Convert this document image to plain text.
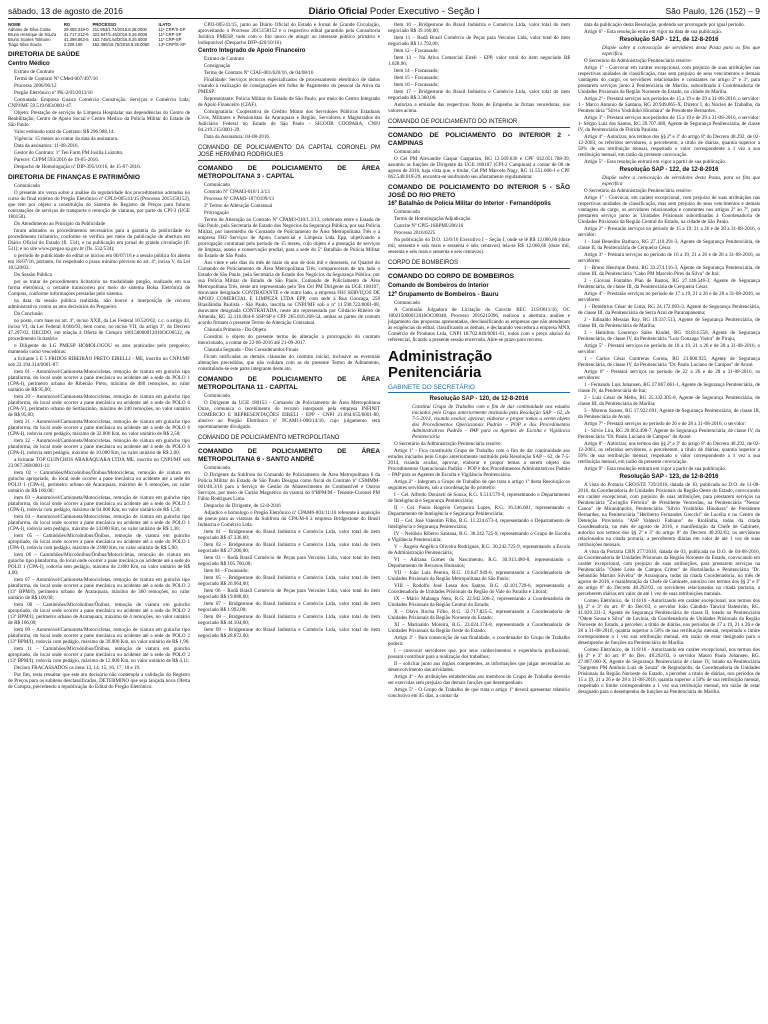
sábado, 13 de agosto de 2016	Diário Oficial Poder Executivo - Seção I	São Paulo, 126 (152) – 9
NOME	RG	PROCESSO	ILATO
Adriano de Silva Costa	29.459.318-0	211.953/1.74/2016.8.26.0000	11º CRP/S-SP
Bruno Henrique de Souza	41.717.212-6	322.947/1.45/2016.8.26.0005	11º CRP-SP
Bruno Soares Tolmann	41.398.862-5	152.749/1.64/2016.8.26.0000	11º CRP-SP
Tiago Silva Souza	2.209.150	152.496/16.75/2016.8.26.0050	13º CRP/S-SP
DIRETORIA DE SAÚDE
Centro Médico

Extrato de Contrato

Termo de Contrato Nº CMed-007/497/16

Processo 2006/96/12

Pregão Eletrônico nº PK-2/03/2013/16

Contratada: Empresa Guaira Comércio Construção, Serviços e Comércio Ltda; CNPJ/MF 59.519.603/0001-47.

Objeto: Prestação de serviços de Limpeza Hospitalar nas dependências do Centro de Reabilitação, Centro de Apoio Social e Centro Médico da Polícia Militar do Estado de São Paulo.

Valor estimado total do Contrato: R$ 296.988,14.

Vigência: 15 meses ao contar da data da assinatura.

Data da assinatura: 11-08-2016.

Gestor do Contrato: 1º Ten Farm PM Josilia Luizotto.

Parecer: CJ/PM 593/2016 de 19-05-2016.

Despacho de Homologação nº DIP-395/10/16, de 15-07-2016.

DIRETORIA DE FINANÇAS E PATRIMÔNIO

Comunicado

O presente ato versa sobre a análise da regularidade dos procedimentos adotados no curso do final externo do Pregão Eletrônico nº CPL0-005/41/15 (Processo 2015158152), que tem por objeto a constituição do Sistema de Registro de Preços para futuras contratações de serviços de transporte e remoção de viaturas, por parte do CPI-3 (UGE 180158).

Do Atendimento ao Princípio da Publicidade

foram adotados os procedimentos necessários para a garantia da publicidade do procedimento licitatório, conforme se verifica per meio da publicação de abertura em Diário Oficial do Estado (fl. 534), e na publicação em jornal de grande circulação (fl. 531); e no site www.pregao.sp.gov.br (fls. 532/534);

o período de publicidade do edital se iniciou em 06/07/16 e a sessão pública foi aberta em 18/07/16, portanto, foi respeitado o prazo mínimo previsto no art. 4º, inciso V, da Lei 10.520/02.

Do Sessão Pública

por se tratar de procedimento licitatório na modalidade pregão, realizado em sua forma eletrônica, o certame transcorreu por meio do sistema Bolsa Eletrônica de Compras, conforme informações prestadas pelo sistema.

na data da sessão pública realizada, não houve a interposição de recurso administrativo contra os atos decisórios do Pregoeiro.

Da Conclusão

no posto, com base no art. 4º, inciso XXII, da Lei Federal 10.520/02, c.c. o artigo 43, inciso VI, da Lei Federal 8.666/93, bem como, no inciso VII, do artigo 3º, do Decreto 47.297/02, DECIDO, em relação à Oferta de Compra 180158000012016OC00532, de procedimento licitatório:

o Diligente do LG PMESP HOMOLOGOU os atos praticados pelo pregoeiro, mantendo como vencedoras:

a licitante 5 E 5 FRIDOS RIBEIRÃO PRETO EIRELLI - ME, inscrito no CNPJ/MF sob 22.194.314/0001-87:

item 01 – Automóvel/Camioneta/Motocicletas, remoção de viatura em guincho tipo plataforma, do local onde ocorrer a pane mecânica ou acidente até a sede do POLO 1 (CPA-I), perímetro urbano de Ribeirão Preto, máximo de 480 remoções, no valor unitário de R$ 95,00;

item 20 – Automóvel/Camioneta/Motocicletas, remoção de viatura em guincho tipo plataforma, do local onde ocorrer a pane mecânica ou acidente até a sede do POLO 6 (CPA-V), perímetro urbano de Sertãozinho, máximo de 240 remoções, no valor unitário de R$ 95,00;

item 21 – Automóvel/Camioneta/Motocicletas, remoção de viatura em guincho tipo plataforma, do local onde ocorrer a pane mecânica ou acidente até a sede do POLO 6 (CPA-I), rodovia com pedágio, máximo de 32.000 Km, no valor unitário de R$ 2,50;

item 22 – Automóvel/Camioneta/Motocicletas, remoção de viatura em guincho tipo plataforma, do local onde ocorrer a pane mecânica ou acidente até a sede do POLO 6 (CPA-I), rodovia sem pedágio, máximo de 10.000 Km, no valor unitário de R$ 2,00;

a licitante TOP GUINCHOS ARARAQUARA LTDA ME, inscrito no CNPJ/MF sob 23.967.268/0001-11:

item 02 – Caminhões/Microônibus/Ônibus/Motocicletas, remoção de viatura em guincho apropriado, do local onde ocorrer a pane mecânica ou acidente até a sede do POLO 1 (CPA-I), perímetro urbano de Araraquara, máximo de 6 remoções, no valor unitário de R$ 166,00;

item 03 – Automóvel/Camioneta/Motocicletas, remoção de viatura em guincho tipo plataforma, do local onde ocorrer a pane mecânica ou acidente até a sede do POLO 1 (CPA-I), rodovia com pedágio, máximo de 64.000 Km, no valor unitário de R$ 1,50;

item 04 – Automóvel/Camioneta/Motocicletas, remoção de viatura em guincho tipo plataforma, do local onde ocorrer a pane mecânica ou acidente até a sede do POLO 1 (CPA-I), rodovia sem pedágio, máximo de 14.000 Km, no valor unitário de R$ 1,38;

item 05 – Caminhões/Microônibus/Ônibus, remoção de viatura em guincho apropriado, do local onde ocorrer a pane mecânica ou acidente até a sede do POLO 1 (CPA-I), rodovia com pedágio, máximo de 2.800 Km, no valor unitário de R$ 5,00;

item 06 – Caminhões/Microônibus/Ônibus/Motocicletas, remoção de viatura em guincho tipo plataforma, do local onde ocorrer a pane mecânica ou acidente até a sede do POLO 1 (CPA-I), rodovia sem pedágio, máximo de 2.800 Km, no valor unitário de R$ 4,00;

item 07 – Automóvel/Camioneta/Motocicletas, remoção de viatura em guincho tipo plataforma, do local onde ocorrer a pane mecânica ou acidente até a sede do POLO 2 (13º BPM/I), perímetro urbano de Araraquara, máximo de 360 remoções, no valor unitário de R$ 100,00;

item 08 – Caminhões/Microônibus/Ônibus, remoção de viatura em guincho apropriado, do local onde ocorrer a pane mecânica ou acidente até a sede do POLO 2 (13º BPM/I), perímetro urbano de Araraquara, máximo de 4 remoções, no valor unitário de R$ 166,00;

item 09 – Automóvel/Camioneta/Motocicletas, remoção de viatura em guincho tipo plataforma, do local onde ocorrer a pane mecânica ou acidente até a sede do POLO 2 (13º BPM/I), rodovia com pedágio, máximo de 39.000 Km, no valor unitário de R$ 1,96;

item 11 – Caminhões/Microônibus/Ônibus, remoção de viatura em guincho apropriado, do local onde ocorrer a pane mecânica ou acidente até a sede do POLO 2 (13º BPM/I), rodovia com pedágio, máximo de 12.000 Km, no valor unitário de R$ 4,11;

Declaro FRACASSADOS os itens 13, 14, 15, 16, 17, 18 e 19.

Por fim, resta ressaltar que este ato decisório não contempla a validação do Registro de Preços para os subitens desclassificados, DETERMINO que seja lançada nova Oferta de Compra, precedendo a republicação do Edital do Pregão Eletrônico.

CPI3-005/41/15, junto ao Diário Oficial do Estado e Jornal de Grande Circulação, aproveitando o Processo 2015158152 e o respectivo edital garantido pela Consultoria Jurídica PMESP, tudo com o fito único de atingir ao interesse público primário e indisponível (Despacho DFP-426/10/16).

Centro Integrado de Apoio Financeiro

Extrato de Contrato

Consignação

Termo de Contrato Nº CIAF-001/620/16, de 04/08/16

Finalidade: Serviços técnicos especializados de processamento eletrônico de dados visando à realização de consignações em folha de Pagamento do pessoal da Ativa da PMESP.

Representante: Polícia Militar do Estado de São Paulo, por meio do Centro Integrado de Apoio Financeiro (CIAF).

Consignatária: Cooperativa de Crédito Mútuo dos Servidores Públicos Estaduais Civis, Militares e Pensionistas da Araraquara e Região, Servidores e Magistrados do Judiciário Federal no Estado de São Paulo - SICOOB COOPARA, CNPJ 04.219.215/0001-29.

Data da Assinatura: 04-08-2016.

COMANDO DE POLICIAMENTO DA CAPITAL CORONEL PM JOSÉ HERMÍNIO RODRIGUES
COMANDO DE POLICIAMENTO DE ÁREA METROPOLITANA 3 - CAPITAL

Comunicado

Contrato Nº CPAM3-010/1.3/13

Processo Nº CPAM3-187/0199/13

2º Termo de Alteração Contratual

Prorrogação

Termo de Alteração ao Contrato Nº CPAM3-010/1.3/13, celebrado entre o Estado de São Paulo, pela Secretaria de Estado dos Negócios da Segurança Pública, por sua Polícia Militar, por intermédio do Comando de Policiamento de Área Metropolitana Três e a empresa FHJ Serviços de Apoio Comercial e Limpeza Ltda Epp, objetivando a prorrogação contratual pelo período de 15 meses, cujo objeto é a prestação de serviços de limpeza, asseio e conservação predial, para a sede do 5º Batalhão de Polícia Militar do Estado de São Paulo.

Aos vinte e seis dias do mês de maio do ano de dois mil e dezesseis, no Quartel do Comando de Policiamento de Área Metropolitana Três, compareceram de um lado o Estado de São Paulo, pela Secretaria de Estado dos Negócios da Segurança Pública, por sua Polícia Militar do Estado de São Paulo, Comando de Policiamento de Área Metropolitana Três, neste ato representado pelo Ten Cel PM Dirigente da UGE 180107, doravante designado CONTRATANTE e de outro lado, a empresa FHJ SERVIÇOS DE APOIO COMERCIAL E LIMPEZA LTDA EPP, com sede à Rua Gonzaga, 258 Brasilândia Paulista - São Paulo, inscrita no CNPJ/MF sob o nº 11.590.722/0001-08, doravante designada CONTRATADA, neste ato representada por Gildácio Ribeiro de Almeida, RG 32.116.004-6 SSP/SP e CPF 265.816.268-54, ambas as partes de comum acordo firmam o presente Termo de Alteração Contratual.

Cláusula Primeira - Do Objeto

Constitui o objeto do presente termo de alteração a prorrogação do contrato mencionado, a contar de 22-06-2016 até 21-09-2017.

Cláusula Segunda - Dos Considerandos Finais

Ficam ratificadas as demais cláusulas do contrato inicial, inclusive as eventuais alterações precedidas, que não colidam com as do presente Termo de Aditamento, constituindo-se este parte integrante deste ato.

COMANDO DE POLICIAMENTO DE ÁREA METROPOLITANA 11 - CAPITAL

Comunicado

O Dirigente da UGE 180153 - Comando de Policiamento de Área Metropolitana Onze, comunica o recebimento do recurso interposto pela empresa INFINIT COMÉRCIO E REPRESENTAÇÕES EIRELI - EPP - CNPJ 21.094.655/0001-80, alusivo ao Pregão Eletrônico nº PCAM11-006/14/16, cujo julgamento será oportunamente divulgado.

COMANDO DE POLICIAMENTO METROPOLITANO
COMANDO DE POLICIAMENTO DE ÁREA METROPOLITANA 6 - SANTO ANDRÉ

Comunicado

O Dirigente da Subfrota do Comando de Policiamento de Área Metropolitana 6 da Polícia Militar do Estado de São Paulo Designa como fiscal do Contrato nº CSMMM-001/40.3/16 para a Serviço de Gestão do Abastecimento de Combustível e Outros Serviços, por meio de Cartão Magnético da viatura do 6ºBPM/M - Tenente-Coronel PM Fábio Rodrigues Lima.

Despacho do Dirigente, de 12-8-2016

Adjudico e homologo o Pregão Eletrônico nº CPAM6-003/11/16 referente à aquisição de pneus para as viaturas da Subfrota do CPA/M-6 à empresa Bridgestone do Brasil Indústria e Comércio Ltda.

Item 01 – Bridgestone do Brasil Indústria e Comércio Ltda, valor total do item negociado R$ 47.336,00;

Item 02 – Bridgestone do Brasil Indústria e Comércio Ltda, valor total do item negociado R$ 27.200,00;

Item 03 – Rodã Brasil Comércio de Peças para Veículos Ltda, valor total do item negociado R$ 105.760,00;

Item 04 – Fracassado;

Item 05 – Bridgestone do Brasil Indústria e Comércio Ltda, valor total do item negociado R$ 26.964,00;

Item 06 – Rodã Brasil Comércio de Peças para Veículos Ltda, valor total do item negociado R$ 19.088,00;

Item 07 – Bridgestone do Brasil Indústria e Comércio Ltda, valor total do item negociado R$ 1.992,00;

Item 08 – Bridgestone do Brasil Indústria e Comércio Ltda, valor total do item negociado R$ 44.104,00;

Item 09 – Bridgestone do Brasil Indústria e Comércio Ltda, valor total do item negociado R$ 28.672,00;

Item 10 – Bridgestone do Brasil Indústria e Comércio Ltda, valor total do item negociado R$ 39.160,00;

Item 11 – Rodã Brasil Comércio de Peças para Veículos Ltda, valor total do item negociado R$ 11.792,00;

Item 12 – Fracassado;

Item 13 – Na Ativa Comercial Eireli - EPP, valor total do item negociado R$ 1.028,96;

Item 14 – Fracassado;

Item 15 – Fracassado;

Item 16 – Fracassado;

Item 17 – Bridgestone do Brasil Indústria e Comércio Ltda, valor total do item negociado R$ 3.360,00.

Autorizo a emissão das respectivas Notas de Empenho às firmas vencedoras, nos valores acima.

COMANDO DE POLICIAMENTO DO INTERIOR
COMANDO DE POLICIAMENTO DO INTERIOR 2 - CAMPINAS

Comunicado

O Cel PM Alexandre Gaspar Gasparian, RG 12.569.636 e CPF 032.051.788-39, assumiu as funções de Dirigente da UGE 180107 (CPI-2 Campinas) a contar de 08 de agosto de 2016, haja vista que, o titular, Cel PM Marcelo Nagy, RG 11.551.600-1 e CPF 062.548.018-29, encontra-se usufruindo seu afastamento regulamentar.

COMANDO DE POLICIAMENTO DO INTERIOR 5 - SÃO JOSÉ DO RIO PRETO
16º Batalhão de Polícia Militar do Interior - Fernandópolis

Comunicado

Termo de Homologação/Adjudicação

Convite Nº CPI5-16BPMI/206/16

Processo 2016/0225

Na publicação do D.O. 12/6/16 Executivo I – Seção I, onde se lê R$ 12.066,66 (doze mil, sessenta e seis reais e sessenta e seis centavos) leia-se R$ 12.066,66 (doze mil, sessenta e seis reais e sessenta e seis centavos).

CORPO DE BOMBEIROS
COMANDO DO CORPO DE BOMBEIROS
Comando de Bombeiros do Interior
12º Grupamento de Bombeiros - Bauru

Comunicado

A Comissão Julgadora de Licitação do Convite BEC 21S/0011/16, OC 180215000012016OC00048, Processo 2016215096, realizou a abertura, análise e julgamento das propostas apresentadas, desclassificando as empresas que não atenderam às exigências do edital, classificando as demais, e declarando vencedora a empresa MNX Comércio de Produtos Ltda, CNPJ 18.702.840/0001-61, todos com o preço abaixo do referencial, ficando a presente sessão encerrada. Abre-se prazo para recurso.

Administração Penitenciária
GABINETE DO SECRETÁRIO
Resolução SAP - 120, de 12-8-2016

Constitui Grupo de Trabalho com o fim de dar continuidade aos estudos iniciados pelo Grupo anteriormente instituído pela Resolução SAP – 62, de 7-5-2014, visando avaliar, aprovar, elaborar e propor tomas a serem objeto dos Procedimentos Operacionais Padrão – POP e dos Procedimentos Administrativos Padrão – PAP para os Agentes de Escolta e Vigilância Penitenciária

O Secretário da Administração Penitenciária resolve:

Artigo 1º - Fica constituído Grupo de Trabalho com o fim de dar continuidade aos estudos iniciados pelo Grupo anteriormente instituído pela Resolução SAP – 62, de 7-5-2014, visando avaliar, aprovar, elaborar e propor temas a serem objeto dos Procedimentos Operacionais Padrão – POP e dos Procedimentos Administrativos Padrão – PAP para os Agentes de Escolta e Vigilância Penitenciária.

Artigo 2º - Integram o Grupo de Trabalho de que trata o artigo 1º desta Resolução os seguintes servidores, sob a coordenação do primeiro:

I – Cel. Alfredo Donizeti de Souza, R.G. 9.513.579-0, representando o Departamento de Inteligência e Segurança Penitenciária;

II – Cel. Paulo Rogério Cerqueira Lopes, R.G. 16.346.681, representando o Departamento de Inteligência e Segurança Penitenciária;

III – Cel. José Valentim Filho, R.G. 11.224.673-4, representando o Departamento de Inteligência e Segurança Penitenciária;

IV – Neidísio Ribeiro Santana, R.G. 30.242.725-9, representando o Grupo de Escolta e Vigilância Penitenciária;

V – Ângelo Angélica Oliveira Rodrigues, R.G. 30.242.725-9, representando a Escola de Administração Penitenciária;

VI – Adriana Gomes do Nascimento, R.G. 30.913.480-8, representando o Departamento de Recursos Humanos;

VII – João Luiz Pereira, R.G. 19.647.949-6, representando a Coordenadoria de Unidades Prisionais da Região Metropolitana de São Paulo;

VIII – Rodolfo José Lessa dos Santos, R.G. 42.101.729-6, representando a Coordenadoria de Unidades Prisionais da Região do Vale do Paraíba e Litoral;

IX – Mário Malanga Neto, R.G. 22.942.508-2, representando a Coordenadoria de Unidades Prisionais da Região Central do Estado;

X – Olavo Rocha Filho, R.G. 32.717.825-5, representando a Coordenadoria de Unidades Prisionais da Região Noroeste do Estado;

XI – Marinaldo Moreira, R.G. 23.024.174-8, representando a Coordenadoria de Unidades Prisionais da Região Oeste do Estado.

Artigo 3º - Para consecução de sua finalidade, o coordenador do Grupo de Trabalho poderá:

I – convocar servidores que, por seus conhecimentos e experiência profissional, possam contribuir para a realização dos trabalhos;

II – solicitar junto aos órgãos competentes, as informações que julgar necessárias ao desenvolvimento das atividades.

Artigo 4º - As atribuições estabelecidas aos membros do Grupo de Trabalho deverão ser exercidas sem prejuízo das demais funções que desempenham.

Artigo 5º - O Grupo de Trabalho de que trata o artigo 1º deverá apresentar relatório conclusivo em 45 dias, a contar da

data da publicação desta Resolução, podendo ser prorrogado por igual período.

Artigo 6º - Esta resolução entra em vigor na data de sua publicação.

Resolução SAP - 121, de 12-8-2016

Dispõe sobre a convocação de servidores desta Pasta para os fins que especifica

O Secretário da Administração Penitenciária resolve:

Artigo 1º - Convocar em caráter excepcional, com prejuízo de suas atribuições nas respectivas unidades de classificação, mas sem prejuízo de seus vencimentos e demais vantagens do cargo, os servidores relacionados e constantes no artigo 2º e 3º, para prestarem serviços junto à Penitenciária de Marília, subordinada à Coordenadoria de Unidades Prisionais da Região Noroeste do Estado, no cidade de Marília.

Artigo 2º - Prestará serviços nos períodos de 15 a 19 e de 29 a 31-08-2016, o servidor: 1 - Marco Antonio de Santana, RG 20.949.665-X, Diretor I, do Núcleo de Trabalho, da Penitenciária "Silvio Yoshihiko Hinohara" de Presidente Bernardes.

Artigo 3º - Prestará serviços nos períodos de 15 a 19 e de 29 a 31-08-2016, o servidor: 1- Sergio Luiz dos Santos, RG 39.707.468, Agente de Segurança Penitenciária, de classe IV, da Penitenciária de Flórida Paulista.

Artigo 4º - Autorizar, nos termos dos §§ 2º e 3º do artigo 8º do Decreto 48.292, de 02-12-2003, os referidos servidores, a perceberem, a título de diárias, quantia superior a 50% de sua retribuição mensal, respeitado o valor correspondente a 1 vez a sua retribuição mensal, em razão da presente convocação.

Artigo 5º - Esta resolução entrará em vigor a partir de sua publicação.

Resolução SAP - 122, de 12-8-2016

Dispõe sobre a convocação de servidores desta Pasta, para os fins que especifica

O Secretário da Administração Penitenciária resolve:

Artigo 1º - Convocar, em caráter excepcional, com prejuízo de suas atribuições nas respectivas unidades de classificação, mas sem prejuízo de seus vencimentos e demais vantagens do cargo, os servidores relacionados e constantes nos artigos 2º ao 7º, para prestarem serviço junto às Unidades Prisionais subordinadas à Coordenadoria de Unidades Prisionais da Região Central do Estado, na cidade de São Paulo.

Artigo 2º - Prestarão serviços no período de 15 a 19, 21 a 26 e de 28 a 31-08-2016, o servidor:

1 - José Benedito Barbaco, RG 27.110.291-3, Agente de Segurança Penitenciária, de classe II, da Penitenciária de Cerqueira César.

Artigo 3º - Prestará serviços no período de 16 a 19, 21 a 26 e de 28 a 31-08-2016, os servidores:

1 - Bruno Henrique Dutra, RG 33.274.116-3, Agente de Segurança Penitenciária, de classe III, da Penitenciária "Cabo PM Marcelo Pires da Silva" de Itaí;

2 - Giovani Fontalho Plan de Bastos, RG 27.146.546-3, Agente de Segurança Penitenciária, de classe III, da Penitenciária de Cerqueira César.

Artigo 4º - Prestarão serviços no período de 17 a 19, 21 a 26 e de 28 a 31-08-2016, os servidores:

1 - Demétrius César de Lima, RG 24.172.093-3, Agente de Segurança Penitenciária, de classe III, da Penitenciária de Serra Azul de Paranapanema;

2 - Edinaldo Messias Ruy, RG 19.337.513, Agente de Segurança Penitenciária, de classe III, da Penitenciária de Marília;

3 - Hamilton Lourenço Sales Kindel, RG 18.814.558, Agente de Segurança Penitenciária, de classe IV, da Penitenciária "Luiz Gonzaga Vieira" de Piraju;

Artigo 5º - Prestará serviços no período de 18 a 19, 21 a 26 e de 28 a 31-08-2016, o servidor:

1 - Carlos César Contreras Correa, RG 21.600.925, Agente de Segurança Penitenciária, de classe IV, da Penitenciária "Dr. Paulo Luciano de Campos" de Avaré.

Artigo 6º - Prestará serviços no período de 22 a 26 e de 28 a 31-08-2016, os servidores:

1 - Fernando Luís Johansen, RG 27.867.061-1, Agente de Segurança Penitenciária, de classe IV, da Penitenciária de Itaí;

2 - Luiz César de Mello, RG 25.332.305-8, Agente de Segurança Penitenciária, de classe III, da Penitenciária de Marília;

3 - Moreno Soares, RG 17.922.691, Agente de Segurança Penitenciária, de classe III, da Penitenciária de Avaré.

Artigo 7º - Prestará serviços no período de 26 e de 28 a 31-08-2016, o servidor:

1 - Silvio Lira, RG 20.063.498-7, Agente de Segurança Penitenciária, de classe IV, da Penitenciária "Dr. Paulo Luciano de Campos" de Avaré.

Artigo 8º - Autorizar, nos termos dos §§ 2º e 3º do artigo 8º do Decreto 48.292, de 02-12-2003, os referidos servidores, a perceberem, a título de diárias, quantia superior a 50% de sua retribuição mensal, respeitado o valor correspondente a 1 vez a sua retribuição mensal, em razão da presente convocação.

Artigo 9º - Esta resolução entrará em vigor a partir de sua publicação.

Resolução SAP - 123, de 12-8-2016

A vista do Portaria CRO/STE 729/2016, datada de 10, publicada no D.O. de 11-08-2016, da Coordenadoria de Unidades Prisionais da Região Oeste do Estado, convocando em caráter excepcional, com prejuízo de suas atribuições, para prestarem serviços na Penitenciária "Zwinglio Ferreira" de Presidente Venceslau, na Penitenciária "Nestor Canoa" de Mirandópolis, Penitenciária "Silvio Yoshihiko Hinohara" de Presidente Bernardes, na Penitenciária "Heriberto Fernandes Grecchi" de Lucélia e no Centro de Detenção Provisória "ASP Valdecir Fabiano" de Riolândia, todas da citada Coordenadoria, no mês de agosto de 2016, e manifestação da Chefe de Gabinete, autorizo nos termos dos §§ 2º e 3º do artigo 8º do Decreto 48.292/03, os servidores relacionados na citada portaria, a perceberem diárias em valor de até 1 vez de suas retribuições mensais.

A vista da Portaria CRN 277/2016, datada de 03, publicada no D.O. de 04-08-2016, da Coordenadoria de Unidades Prisionais da Região Noroeste do Estado, convocando em caráter excepcional, com prejuízo de suas atribuições, para prestarem serviços na Penitenciária "Odete Leite de Campos Critter" de Hortolândia e Penitenciária "Dr. Sebastião Martins Silveira" de Araraquara, todas da citada Coordenadoria, no mês de agosto de 2016, e manifestação da Chefe de Gabinete, autorizo nos termos dos §§ 2º e 3º do artigo 8º do Decreto 48.292/03, os servidores relacionados na citada portaria, a perceberem diárias em valor de até 1 vez de suas retribuições mensais.

Comeo Eletrônico, de 11/8/16 - Autorizando em caráter excepcional, nos termos dos §§ 2º e 3º do art. 8º do Dec/03, o servidor João Cândido Tancini Balestrim, RG. 41.820.331-3, Agente de Segurança Penitenciária de classe II, lotado na Penitenciária "Odete Sousa e Silva" de Lavínia, da Coordenadoria de Unidades Prisionais da Região Noroeste do Estado, a perceber, a título de diárias, nos períodos de 17 a 19, 21 a 26 e de 28 a 31-08-2016, quantia superior a 50% de sua retribuição mensal, respeitado o limite correspondente a 1 vez sua retribuição mensal, em razão de estar designado para o desempenho de funções na Penitenciária de Marília.

Comeo Eletrônico, de 11/8/16 - Autorizando em caráter excepcional, nos termos dos §§ 2º e 3º do art. 8º do Dec. 48.292/03, o servidor Mauro Paulo Johansen, RG. 27.867.060-X, Agente de Segurança Penitenciária de classe IV, lotado na Penitenciária "Sargento PM Antônio Luiz de Souza" de Reginópolis, da Coordenadoria de Unidades Prisionais da Região Noroeste do Estado, a perceber a título de diárias, nos períodos de 15 a 19, 21 a 26 e de 28 a 31-08-2016, quantia superior a 50% de sua retribuição mensal, respeitado o limite correspondente a 1 vez sua retribuição mensal, em razão de estar designado para o desempenho de funções na Penitenciária de Marília.
